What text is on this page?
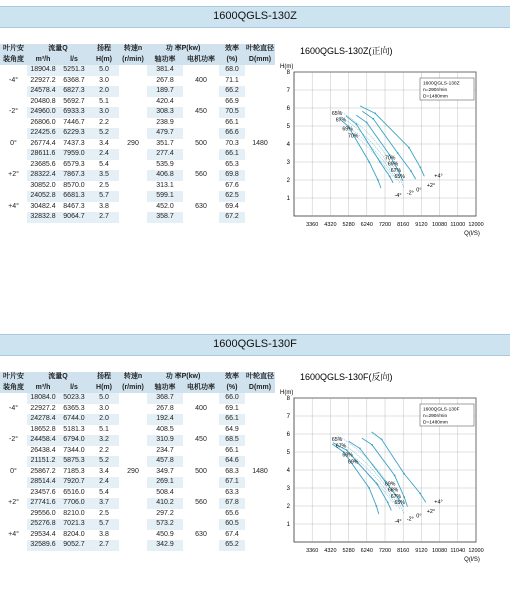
1600QGLS-130Z
叶片安	流量Q		扬程	转速n	功 率P(kw)		效率	叶轮直径
装角度	m³/h	l/s	H(m)	(r/min)	轴功率	电机功率	(%)	D(mm)
	18904.8	5251.3	5.0		381.4		68.0	
-4°	22927.2	6368.7	3.0		267.8	400	71.1	
	24578.4	6827.3	2.0		189.7		66.2	
	20480.8	5692.7	5.1		420.4		66.9	
-2°	24960.0	6933.3	3.0		308.3	450	70.5	
	26806.0	7446.7	2.2		238.9		66.1	
	22425.6	6229.3	5.2		479.7		66.6	
0°	26774.4	7437.3	3.4	290	351.7	500	70.3	1480
	28611.6	7959.0	2.4		277.4		66.1	
	23685.6	6579.3	5.4		535.9		65.3	
+2°	28322.4	7867.3	3.5		406.8	560	69.8	
	30852.0	8570.0	2.5		313.1		67.6	
	24052.8	6681.3	5.7		599.1		62.5	
+4°	30482.4	8467.3	3.8		452.0	630	69.4	
	32832.8	9064.7	2.7		358.7		67.2	
1600QGLS-130Z(正向)
H(m)
1
2
3
4
5
6
7
8
3360 4320 5280 6240 7200 8160 9120 10080 11000 12000
Q(l/S)
1600QGLS-130Z
n=290r/min
D=1480mm
65%
67%
69%
70%
70%
69%
67%
65%
-4° -2° 0°
+2°
+4°
1600QGLS-130F
叶片安	流量Q		扬程	转速n	功 率P(kw)		效率	叶轮直径
装角度	m³/h	l/s	H(m)	(r/min)	轴功率	电机功率	(%)	D(mm)
	18084.0	5023.3	5.0		368.7		66.0	
-4°	22927.2	6365.3	3.0		267.8	400	69.1	
	24278.4	6744.0	2.0		192.4		66.1	
	18652.8	5181.3	5.1		408.5		64.9	
-2°	24458.4	6794.0	3.2		310.9	450	68.5	
	26438.4	7344.0	2.2		234.7		66.1	
	21151.2	5875.3	5.2		457.8		64.6	
0°	25867.2	7185.3	3.4	290	349.7	500	68.3	1480
	28514.4	7920.7	2.4		269.1		67.1	
	23457.6	6516.0	5.4		508.4		63.3	
+2°	27741.6	7706.0	3.7		410.2	560	67.8	
	29556.0	8210.0	2.5		297.2		65.6	
	25276.8	7021.3	5.7		573.2		60.5	
+4°	29534.4	8204.0	3.8		450.9	630	67.4	
	32589.6	9052.7	2.7		342.9		65.2	
1600QGLS-130F(反向)
H(m)
1
2
3
4
5
6
7
8
3360 4320 5280 6240 7200 8160 9120 10080 11040 12000
Q(l/S)
1600QGLS-130F
n=290r/min
D=1480mm
65%
67%
68%
69%
69%
68%
67%
65%
-4° -2° 0°
+2°
+4°
